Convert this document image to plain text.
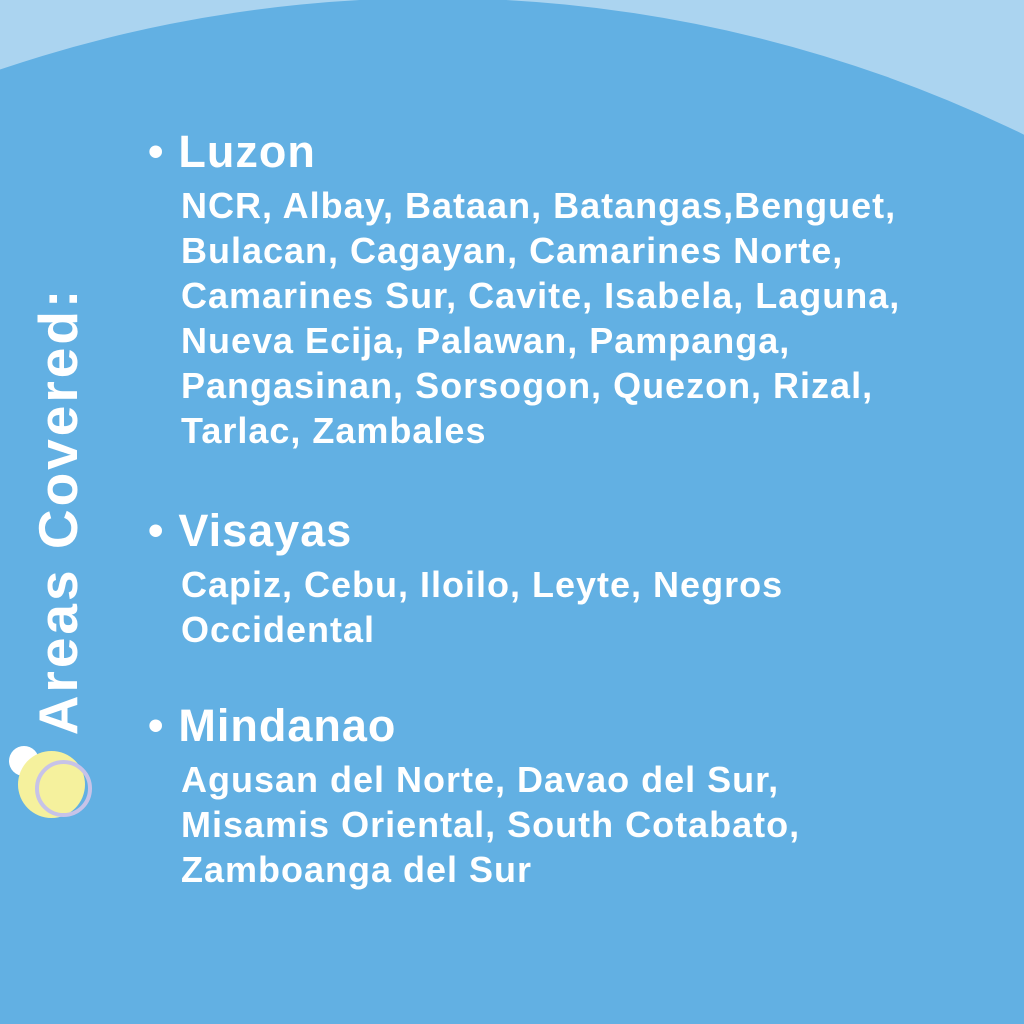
Areas Covered:
• Luzon
NCR, Albay, Bataan, Batangas,Benguet,
Bulacan, Cagayan, Camarines Norte,
Camarines Sur, Cavite, Isabela, Laguna,
Nueva Ecija, Palawan, Pampanga,
Pangasinan, Sorsogon, Quezon, Rizal,
Tarlac, Zambales
• Visayas
Capiz, Cebu, Iloilo, Leyte, Negros
Occidental
• Mindanao
Agusan del Norte, Davao del Sur,
Misamis Oriental, South Cotabato,
Zamboanga del Sur
